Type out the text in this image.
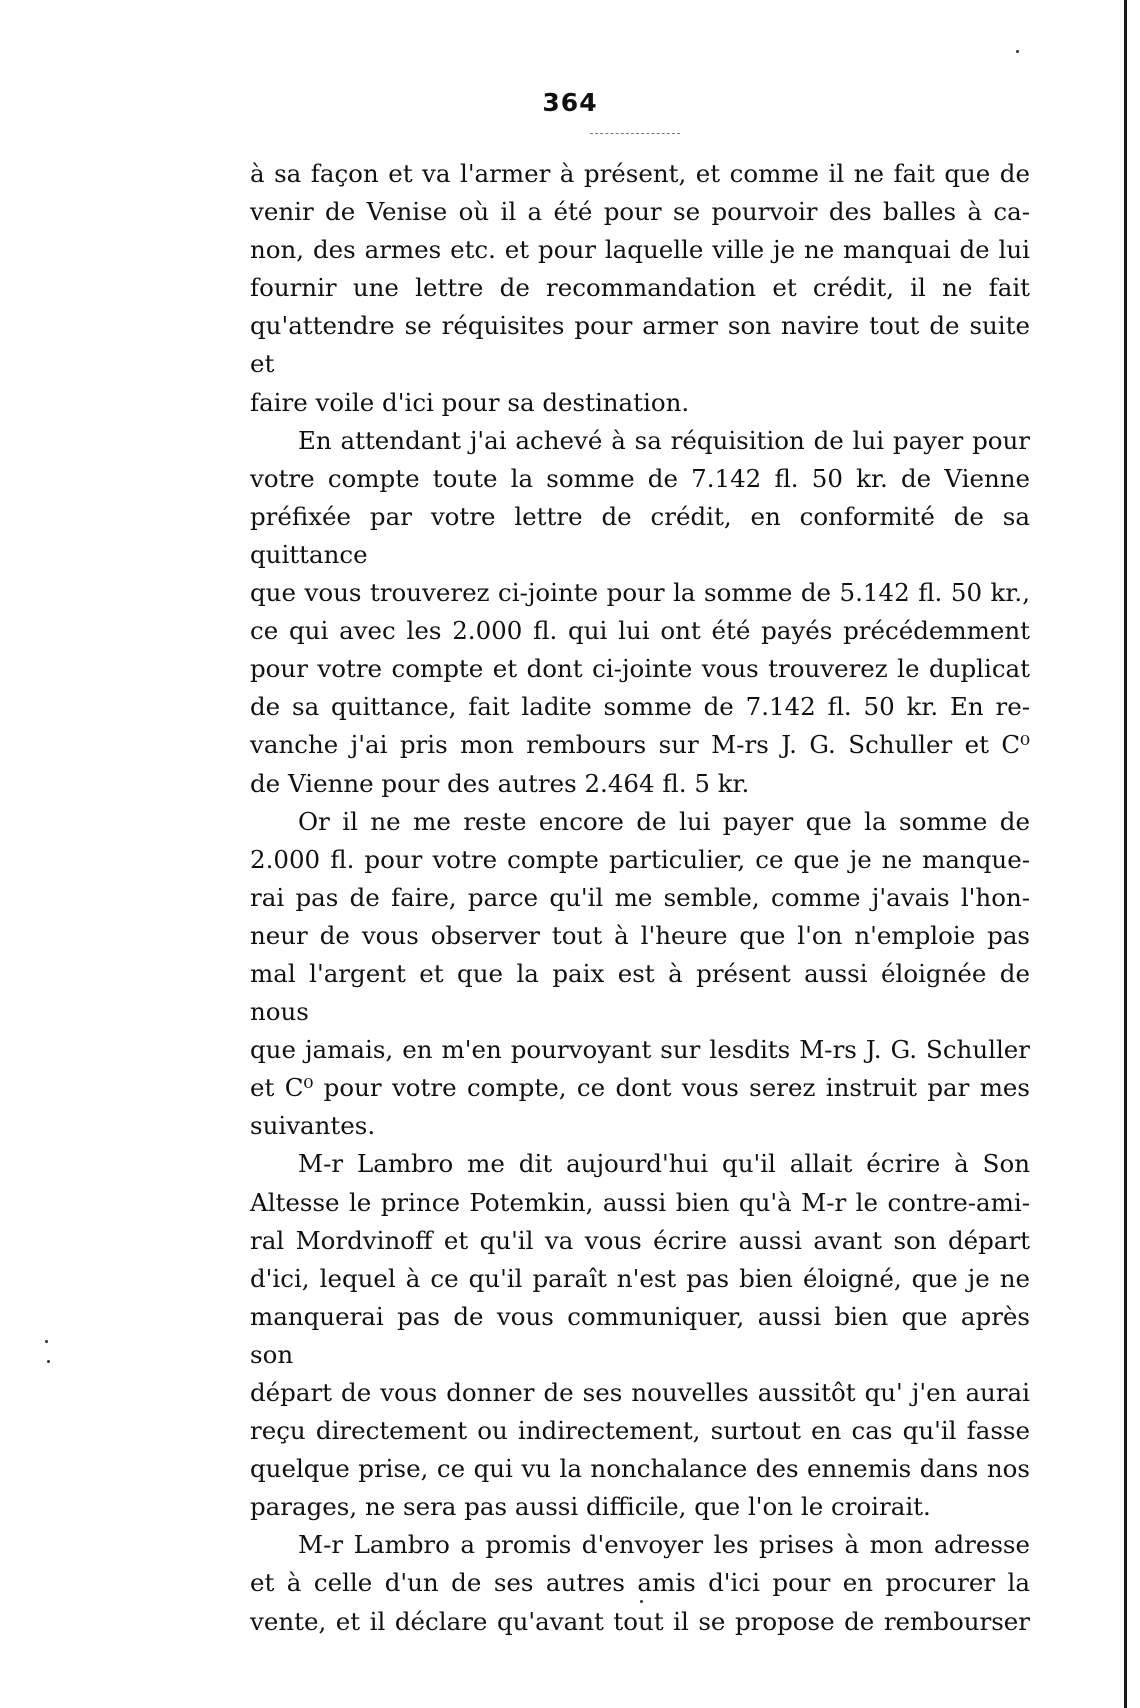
364

à sa façon et va l'armer à présent, et comme il ne fait que de

venir de Venise où il a été pour se pourvoir des balles à ca-

non, des armes etc. et pour laquelle ville je ne manquai de lui

fournir une lettre de recommandation et crédit, il ne fait

qu'attendre se réquisites pour armer son navire tout de suite et

faire voile d'ici pour sa destination.

En attendant j'ai achevé à sa réquisition de lui payer pour

votre compte toute la somme de 7.142 fl. 50 kr. de Vienne

préfixée par votre lettre de crédit, en conformité de sa quittance

que vous trouverez ci-jointe pour la somme de 5.142 fl. 50 kr.,

ce qui avec les 2.000 fl. qui lui ont été payés précédemment

pour votre compte et dont ci-jointe vous trouverez le duplicat

de sa quittance, fait ladite somme de 7.142 fl. 50 kr. En re-

vanche j'ai pris mon rembours sur M-rs J. G. Schuller et C⁰

de Vienne pour des autres 2.464 fl. 5 kr.

Or il ne me reste encore de lui payer que la somme de

2.000 fl. pour votre compte particulier, ce que je ne manque-

rai pas de faire, parce qu'il me semble, comme j'avais l'hon-

neur de vous observer tout à l'heure que l'on n'emploie pas

mal l'argent et que la paix est à présent aussi éloignée de nous

que jamais, en m'en pourvoyant sur lesdits M-rs J. G. Schuller

et C⁰ pour votre compte, ce dont vous serez instruit par mes

suivantes.

M-r Lambro me dit aujourd'hui qu'il allait écrire à Son

Altesse le prince Potemkin, aussi bien qu'à M-r le contre-ami-

ral Mordvinoff et qu'il va vous écrire aussi avant son départ

d'ici, lequel à ce qu'il paraît n'est pas bien éloigné, que je ne

manquerai pas de vous communiquer, aussi bien que après son

départ de vous donner de ses nouvelles aussitôt qu' j'en aurai

reçu directement ou indirectement, surtout en cas qu'il fasse

quelque prise, ce qui vu la nonchalance des ennemis dans nos

parages, ne sera pas aussi difficile, que l'on le croirait.

M-r Lambro a promis d'envoyer les prises à mon adresse

et à celle d'un de ses autres amis d'ici pour en procurer la

vente, et il déclare qu'avant tout il se propose de rembourser
